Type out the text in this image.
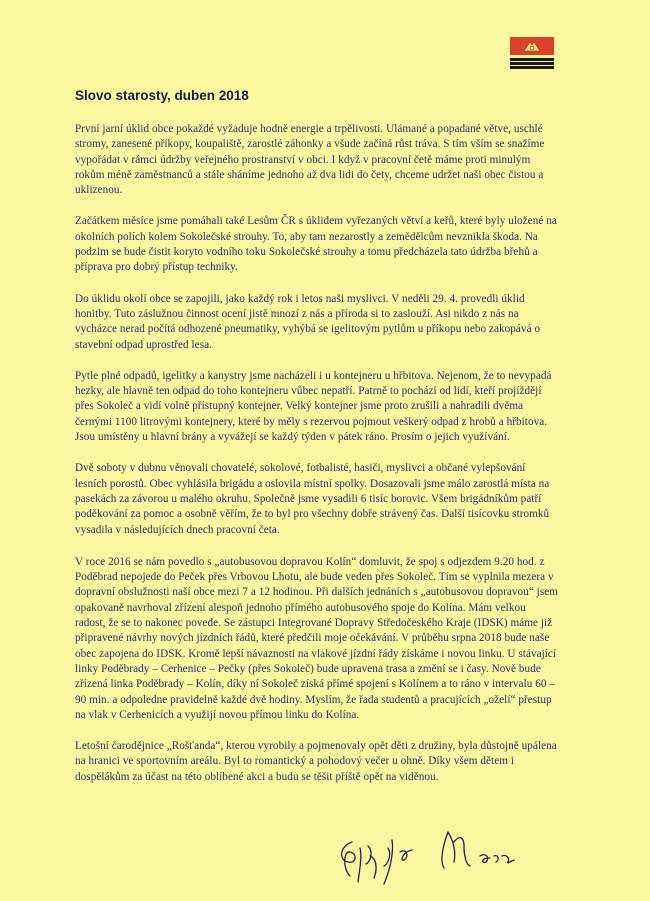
Slovo starosty, duben 2018

První jarní úklid obce pokaždé vyžaduje hodně energie a trpělivosti. Ulámané a popadané větve, uschlé stromy, zanesené příkopy, koupaliště, zarostlé záhonky a všude začíná růst tráva. S tím vším se snažíme vypořádat v rámci údržby veřejného prostranství v obci. I když v pracovní četě máme proti minulým rokům méně zaměstnanců a stále sháníme jednoho až dva lidi do čety, chceme udržet naši obec čistou a uklizenou.

Začátkem měsíce jsme pomáhali také Lesům ČR s úklidem vyřezaných větví a keřů, které byly uložené na okolních polích kolem Sokolečské strouhy. To, aby tam nezarostly a zemědělcům nevznikla škoda. Na podzim se bude čistit koryto vodního toku Sokolečské strouhy a tomu předcházela tato údržba břehů a příprava pro dobrý přístup techniky.

Do úklidu okolí obce se zapojili, jako každý rok i letos naši myslivci. V neděli 29. 4. provedli úklid honitby. Tuto záslužnou činnost ocení jistě mnozí z nás a příroda si to zaslouží. Asi nikdo z nás na vycházce nerad počítá odhozené pneumatiky, vyhýbá se igelitovým pytlům u příkopu nebo zakopává o stavební odpad uprostřed lesa.

Pytle plné odpadů, igelitky a kanystry jsme nacházeli i u kontejneru u hřbitova. Nejenom, že to nevypadá hezky, ale hlavně ten odpad do toho kontejneru vůbec nepatří. Patrně to pochází od lidí, kteří projíždějí přes Sokoleč a vidí volně přístupný kontejner. Velký kontejner jsme proto zrušili a nahradili dvěma černými 1100 litrovými kontejnery, které by měly s rezervou pojmout veškerý odpad z hrobů a hřbitova. Jsou umístěny u hlavní brány a vyvážejí se každý týden v pátek ráno. Prosím o jejich využívání.

Dvě soboty v dubnu věnovali chovatelé, sokolové, fotbalisté, hasiči, myslivci a občané vylepšování lesních porostů. Obec vyhlásila brigádu a oslovila místní spolky. Dosazovali jsme málo zarostlá místa na pasekách za závorou u malého okruhu. Společně jsme vysadili 6 tisíc borovic. Všem brigádníkům patří poděkování za pomoc a osobně věřím, že to byl pro všechny dobře strávený čas. Další tisícovku stromků vysadila v následujících dnech pracovní četa.

V roce 2016 se nám povedlo s „autobusovou dopravou Kolín“ domluvit, že spoj s odjezdem 9.20 hod. z Poděbrad nepojede do Peček přes Vrbovou Lhotu, ale bude veden přes Sokoleč. Tím se vyplnila mezera v dopravní obslužnosti naší obce mezi 7 a 12 hodinou. Při dalších jednáních s „autobusovou dopravou“ jsem opakovaně navrhoval zřízení alespoň jednoho přímého autobusového spoje do Kolína. Mám velkou radost, že se to nakonec povede. Se zástupci Integrované Dopravy Středočeského Kraje (IDSK) máme již připravené návrhy nových jízdních řádů, které předčili moje očekávání. V průběhu srpna 2018 bude naše obec zapojena do IDSK. Kromě lepší návaznosti na vlakové jízdní řády získáme i novou linku. U stávající linky Poděbrady – Cerhenice – Pečky (přes Sokoleč) bude upravena trasa a změní se i časy. Nově bude zřízená linka Poděbrady – Kolín, díky ní Sokoleč získá přímé spojení s Kolínem a to ráno v intervalu 60 – 90 min. a odpoledne pravidelně každé dvě hodiny. Myslím, že řada studentů a pracujících „oželí“ přestup na vlak v Cerhenicích a využijí novou přímou linku do Kolína.

Letošní čarodějnice „Rošťanda“, kterou vyrobily a pojmenovaly opět děti z družiny, byla důstojně upálena na hranici ve sportovním areálu. Byl to romantický a pohodový večer u ohně. Díky všem dětem i dospělákům za účast na této oblíbené akci a budu se těšit příště opět na viděnou.
